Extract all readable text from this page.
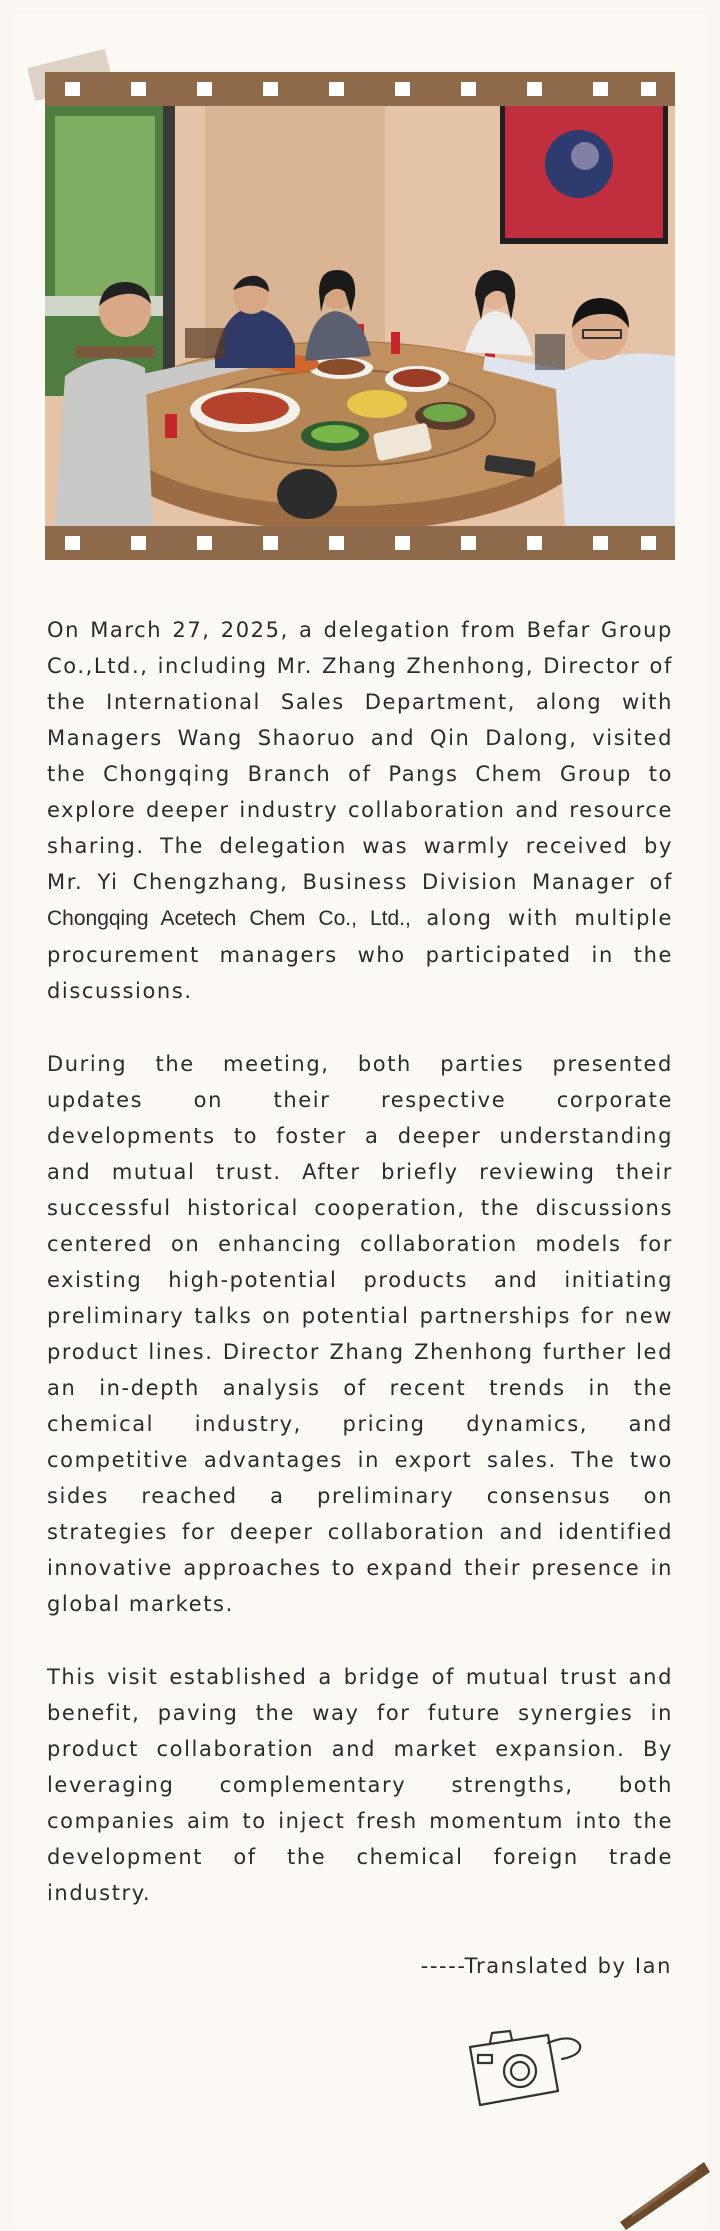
On March 27, 2025, a delegation from Befar Group Co.,Ltd., including Mr. Zhang Zhenhong, Director of the International Sales Department, along with Managers Wang Shaoruo and Qin Dalong, visited the Chongqing Branch of Pangs Chem Group to explore deeper industry collaboration and resource sharing. The delegation was warmly received by Mr. Yi Chengzhang, Business Division Manager of Chongqing Acetech Chem Co., Ltd., along with multiple procurement managers who participated in the discussions.

During the meeting, both parties presented updates on their respective corporate developments to foster a deeper understanding and mutual trust. After briefly reviewing their successful historical cooperation, the discussions centered on enhancing collaboration models for existing high-potential products and initiating preliminary talks on potential partnerships for new product lines. Director Zhang Zhenhong further led an in-depth analysis of recent trends in the chemical industry, pricing dynamics, and competitive advantages in export sales. The two sides reached a preliminary consensus on strategies for deeper collaboration and identified innovative approaches to expand their presence in global markets.

This visit established a bridge of mutual trust and benefit, paving the way for future synergies in product collaboration and market expansion. By leveraging complementary strengths, both companies aim to inject fresh momentum into the development of the chemical foreign trade industry.

-----Translated by Ian
